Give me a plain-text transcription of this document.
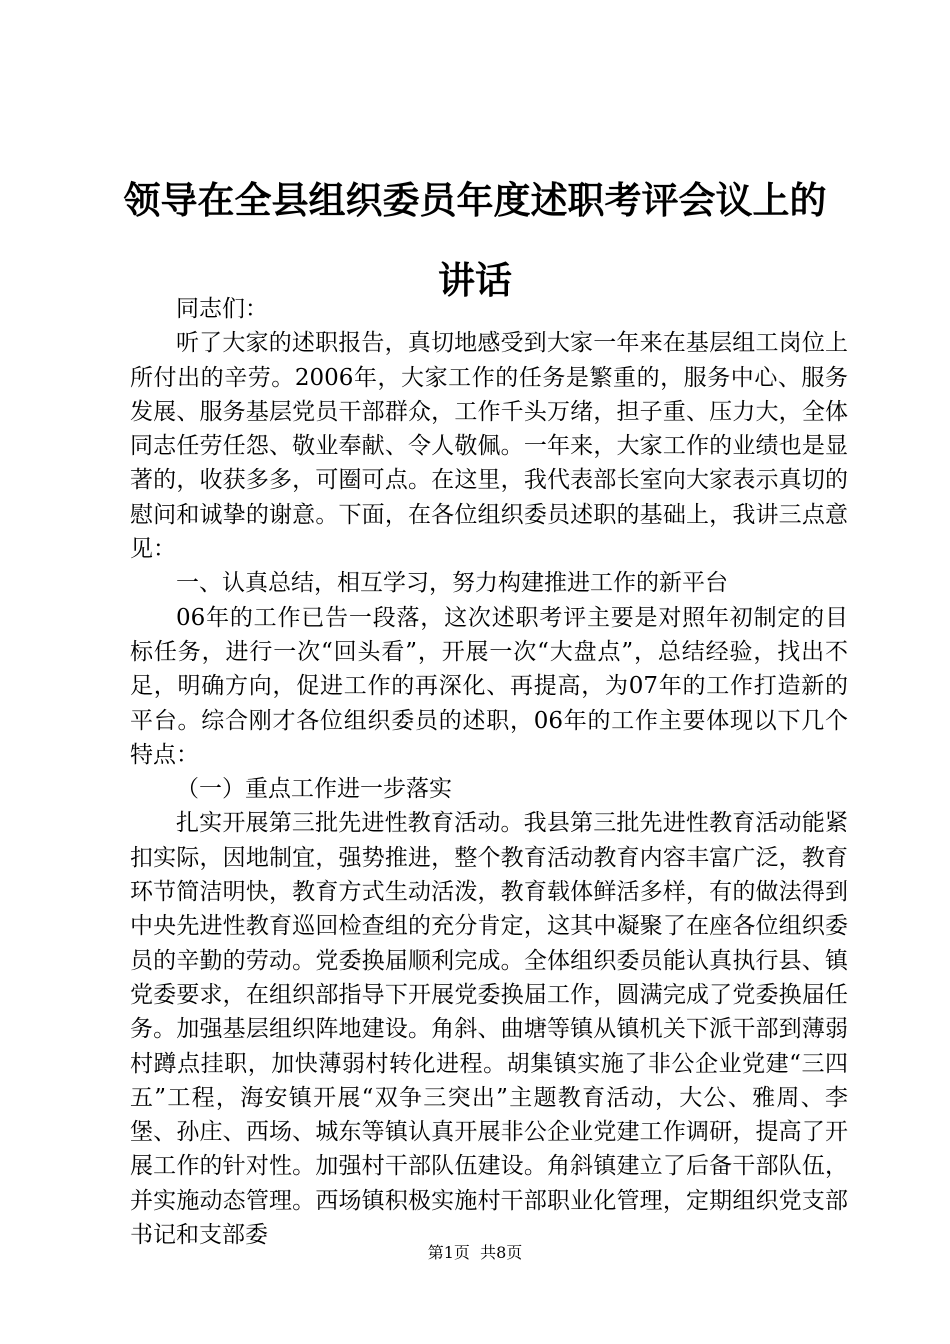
领导在全县组织委员年度述职考评会议上的讲话

同志们：

听了大家的述职报告，真切地感受到大家一年来在基层组工岗位上所付出的辛劳。2006年，大家工作的任务是繁重的，服务中心、服务发展、服务基层党员干部群众，工作千头万绪，担子重、压力大，全体同志任劳任怨、敬业奉献、令人敬佩。一年来，大家工作的业绩也是显著的，收获多多，可圈可点。在这里，我代表部长室向大家表示真切的慰问和诚挚的谢意。下面，在各位组织委员述职的基础上，我讲三点意见：

一、认真总结，相互学习，努力构建推进工作的新平台

06年的工作已告一段落，这次述职考评主要是对照年初制定的目标任务，进行一次“回头看”，开展一次“大盘点”，总结经验，找出不足，明确方向，促进工作的再深化、再提高，为07年的工作打造新的平台。综合刚才各位组织委员的述职，06年的工作主要体现以下几个特点：

（一）重点工作进一步落实

扎实开展第三批先进性教育活动。我县第三批先进性教育活动能紧扣实际，因地制宜，强势推进，整个教育活动教育内容丰富广泛，教育环节简洁明快，教育方式生动活泼，教育载体鲜活多样，有的做法得到中央先进性教育巡回检查组的充分肯定，这其中凝聚了在座各位组织委员的辛勤的劳动。党委换届顺利完成。全体组织委员能认真执行县、镇党委要求，在组织部指导下开展党委换届工作，圆满完成了党委换届任务。加强基层组织阵地建设。角斜、曲塘等镇从镇机关下派干部到薄弱村蹲点挂职，加快薄弱村转化进程。胡集镇实施了非公企业党建“三四五”工程，海安镇开展“双争三突出”主题教育活动，大公、雅周、李堡、孙庄、西场、城东等镇认真开展非公企业党建工作调研，提高了开展工作的针对性。加强村干部队伍建设。角斜镇建立了后备干部队伍，并实施动态管理。西场镇积极实施村干部职业化管理，定期组织党支部书记和支部委

第1页 共8页
